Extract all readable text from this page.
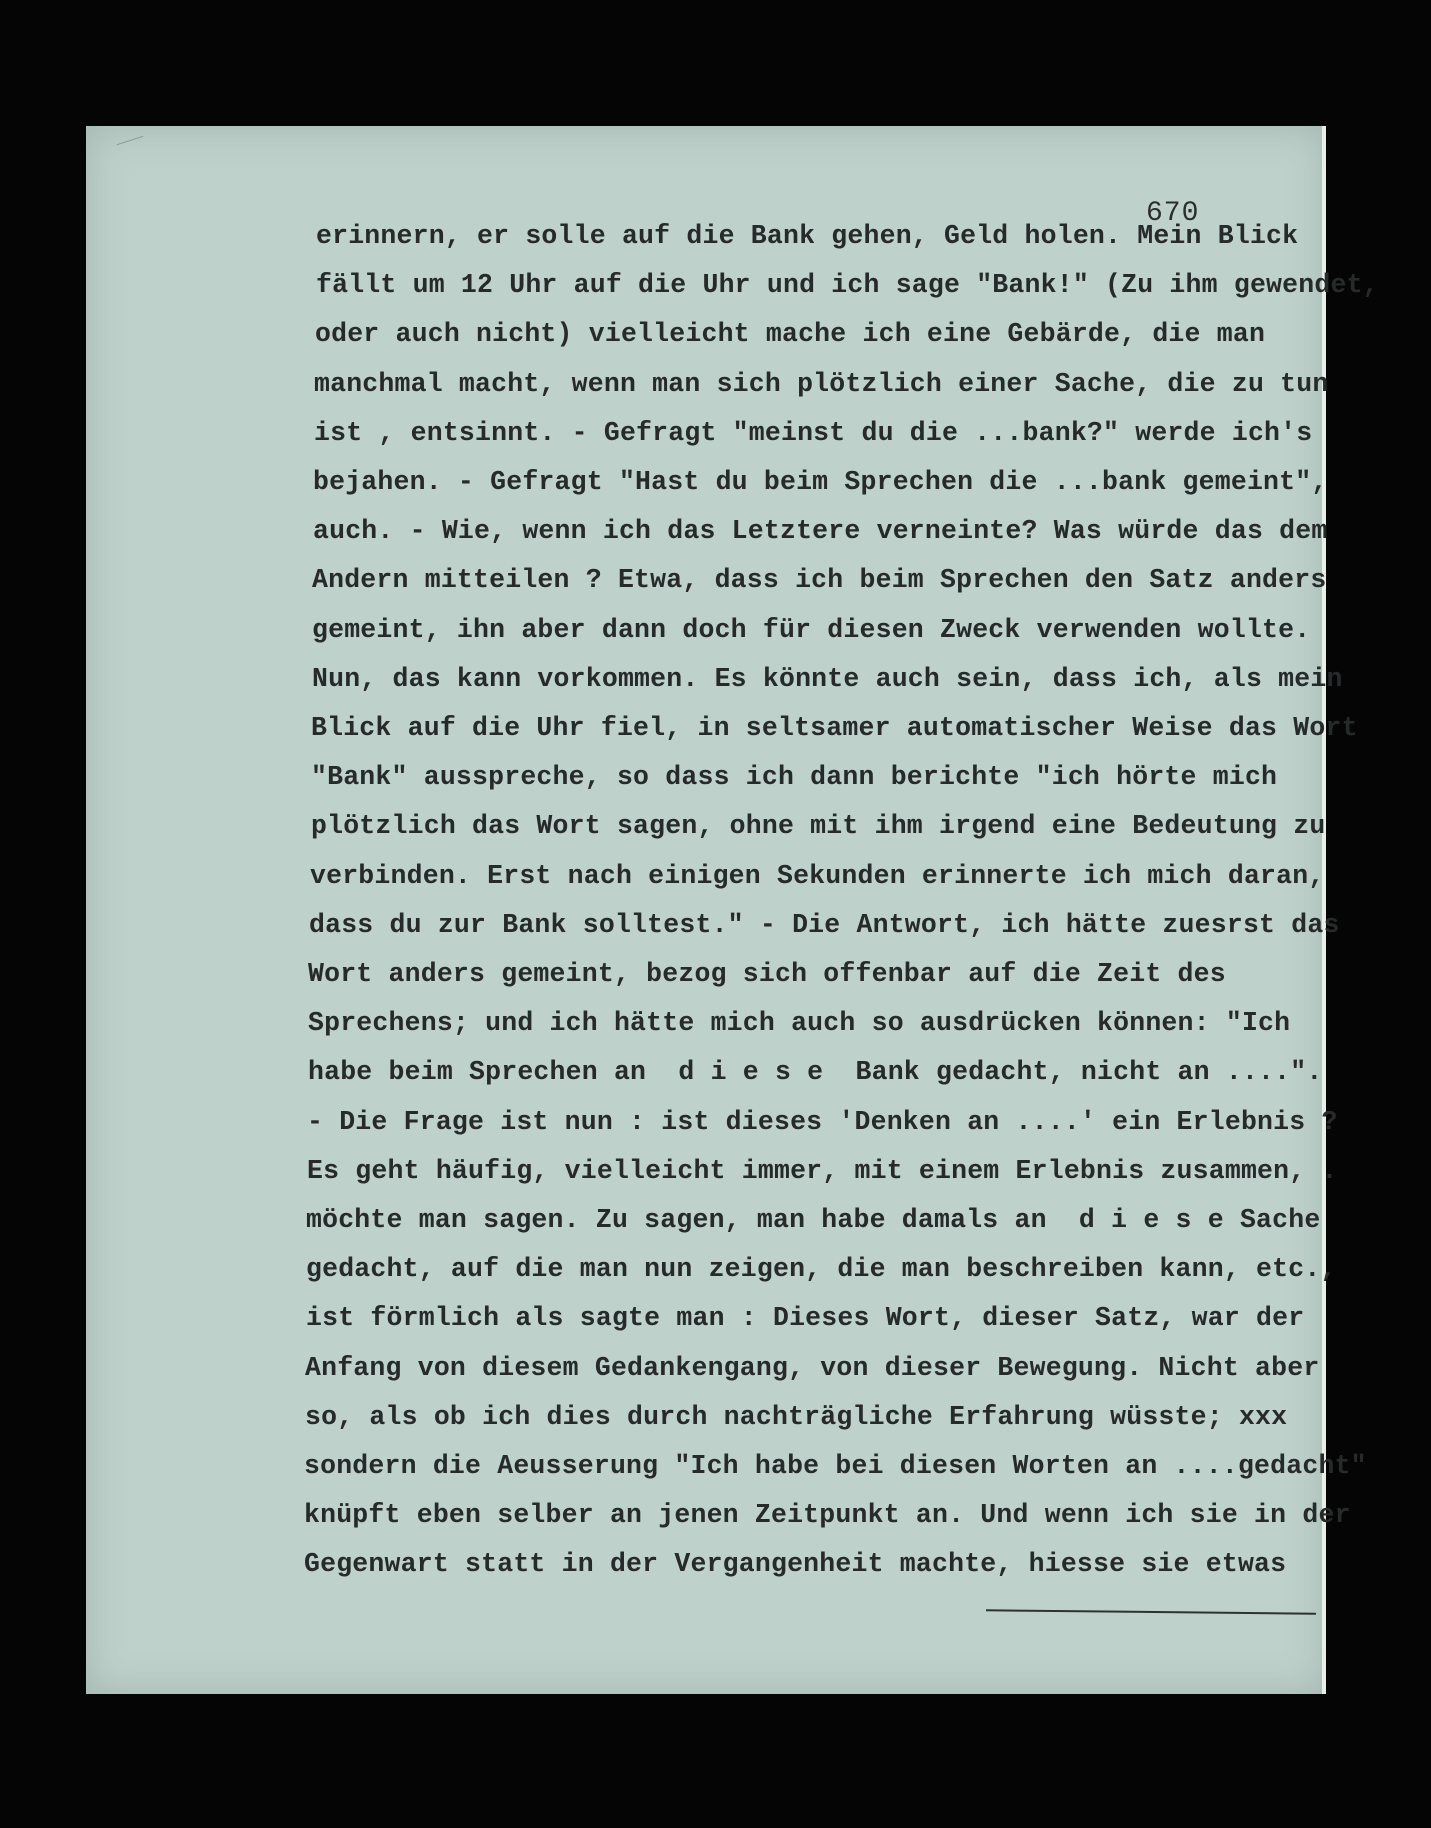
670
erinnern, er solle auf die Bank gehen, Geld holen. Mein Blick
fällt um 12 Uhr auf die Uhr und ich sage "Bank!" (Zu ihm gewendet,
oder auch nicht) vielleicht mache ich eine Gebärde, die man
manchmal macht, wenn man sich plötzlich einer Sache, die zu tun
ist , entsinnt. - Gefragt "meinst du die ...bank?" werde ich's
bejahen. - Gefragt "Hast du beim Sprechen die ...bank gemeint",
auch. - Wie, wenn ich das Letztere verneinte? Was würde das dem
Andern mitteilen ? Etwa, dass ich beim Sprechen den Satz anders
gemeint, ihn aber dann doch für diesen Zweck verwenden wollte.
Nun, das kann vorkommen. Es könnte auch sein, dass ich, als mein
Blick auf die Uhr fiel, in seltsamer automatischer Weise das Wort
"Bank" ausspreche, so dass ich dann berichte "ich hörte mich
plötzlich das Wort sagen, ohne mit ihm irgend eine Bedeutung zu
verbinden. Erst nach einigen Sekunden erinnerte ich mich daran,
dass du zur Bank solltest." - Die Antwort, ich hätte zuesrst das
Wort anders gemeint, bezog sich offenbar auf die Zeit des
Sprechens; und ich hätte mich auch so ausdrücken können: "Ich
habe beim Sprechen an  d i e s e  Bank gedacht, nicht an ....".
- Die Frage ist nun : ist dieses 'Denken an ....' ein Erlebnis ?
Es geht häufig, vielleicht immer, mit einem Erlebnis zusammen, .
möchte man sagen. Zu sagen, man habe damals an  d i e s e Sache
gedacht, auf die man nun zeigen, die man beschreiben kann, etc.,
ist förmlich als sagte man : Dieses Wort, dieser Satz, war der
Anfang von diesem Gedankengang, von dieser Bewegung. Nicht aber
so, als ob ich dies durch nachträgliche Erfahrung wüsste; xxx
sondern die Aeusserung "Ich habe bei diesen Worten an ....gedacht"
knüpft eben selber an jenen Zeitpunkt an. Und wenn ich sie in der
Gegenwart statt in der Vergangenheit machte, hiesse sie etwas
